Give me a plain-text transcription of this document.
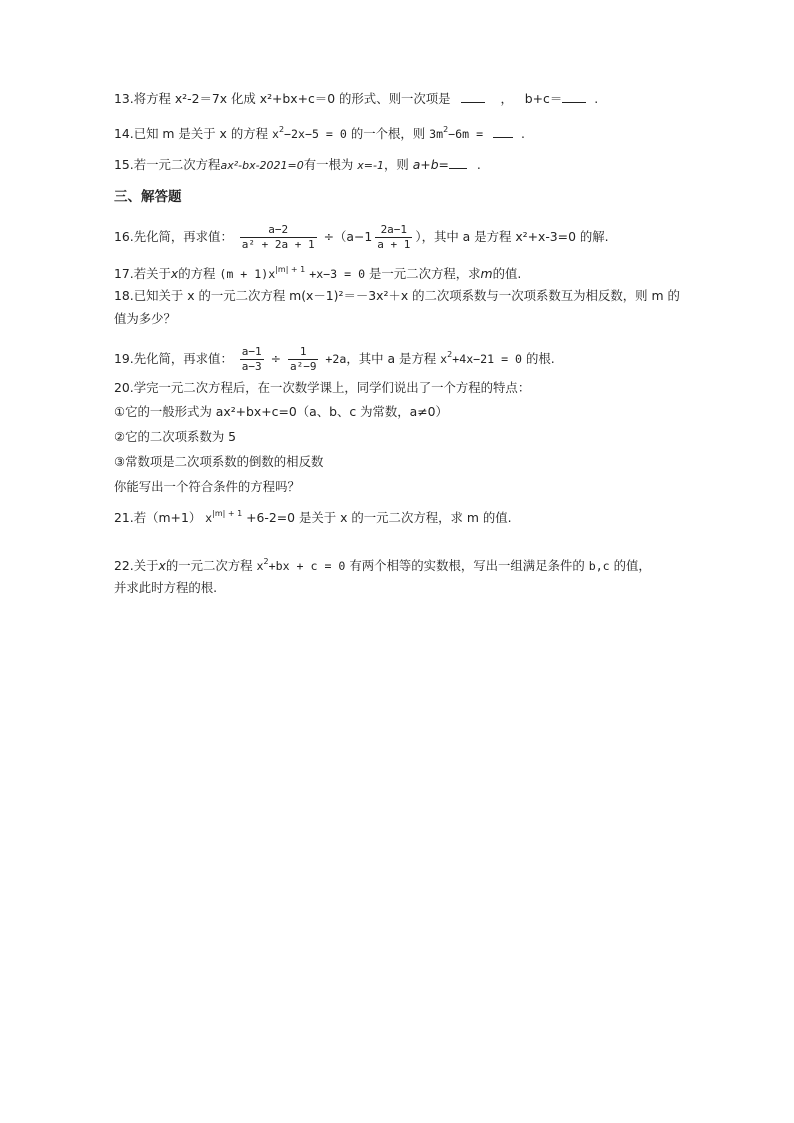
13.将方程 x²-2＝7x 化成 x²+bx+c＝0 的形式、则一次项是	， b+c＝	.
14.已知 m 是关于 x 的方程 $x^2-2x-5 = 0$ 的一个根，则 $3m^2-6m$ =	.
15.若一元二次方程ax²-bx-2021=0有一根为 x=-1，则 a+b= .
三、解答题
16.先化简，再求值： $\frac{a-2}{\text{a² + 2a + 1}} \div(a-1 \frac{2a-1}{a + 1}$ ），其中 a 是方程 x²+x-3=0 的解.
17.若关于x的方程 $(m + 1)x^{|m| + 1} +x-3 = 0$ 是一元二次方程，求m的值.
18.已知关于 x 的一元二次方程 m(x－1)²＝－3x²＋x 的二次项系数与一次项系数互为相反数，则 m 的
值为多少？
19.先化简，再求值： $\frac{a-1}{a-3} \div \frac{1}{\text{a²−9}} +2a$，其中 a 是方程 $x^2+4x-21 = 0$ 的根.
20.学完一元二次方程后，在一次数学课上，同学们说出了一个方程的特点：
①它的一般形式为 ax²+bx+c=0（a、b、c 为常数，a≠0）
②它的二次项系数为 5
③常数项是二次项系数的倒数的相反数
你能写出一个符合条件的方程吗？
21.若（m+1） $x^{|m| + 1} +6-2=0$ 是关于 x 的一元二次方程，求 m 的值.
22.关于x的一元二次方程 $x^2+bx + c = 0$ 有两个相等的实数根，写出一组满足条件的 b,c 的值，
并求此时方程的根.
